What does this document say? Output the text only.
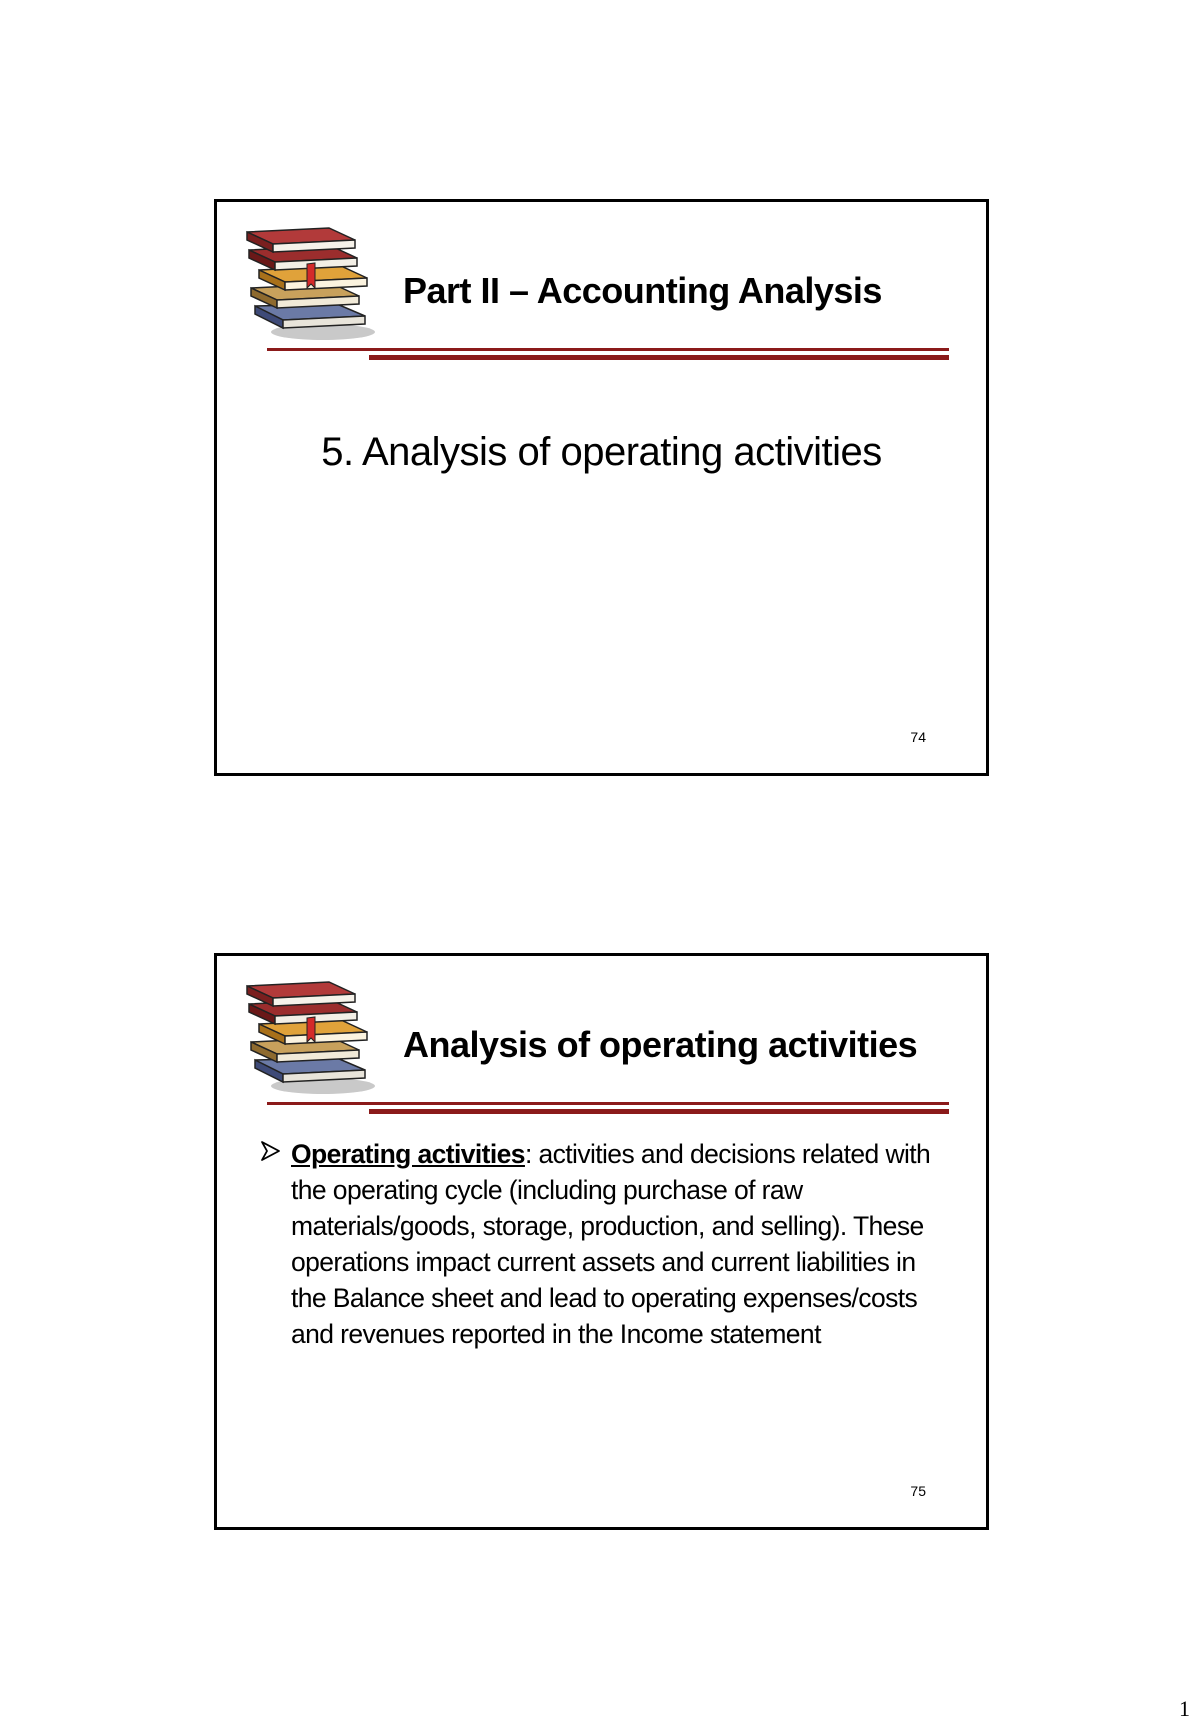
Part II – Accounting Analysis
5. Analysis of operating activities
74
Analysis of operating activities

Operating activities: activities and decisions related with the operating cycle (including purchase of raw materials/goods, storage, production, and selling). These operations impact current assets and current liabilities in the Balance sheet and lead to operating expenses/costs and revenues reported in the Income statement

75
1
